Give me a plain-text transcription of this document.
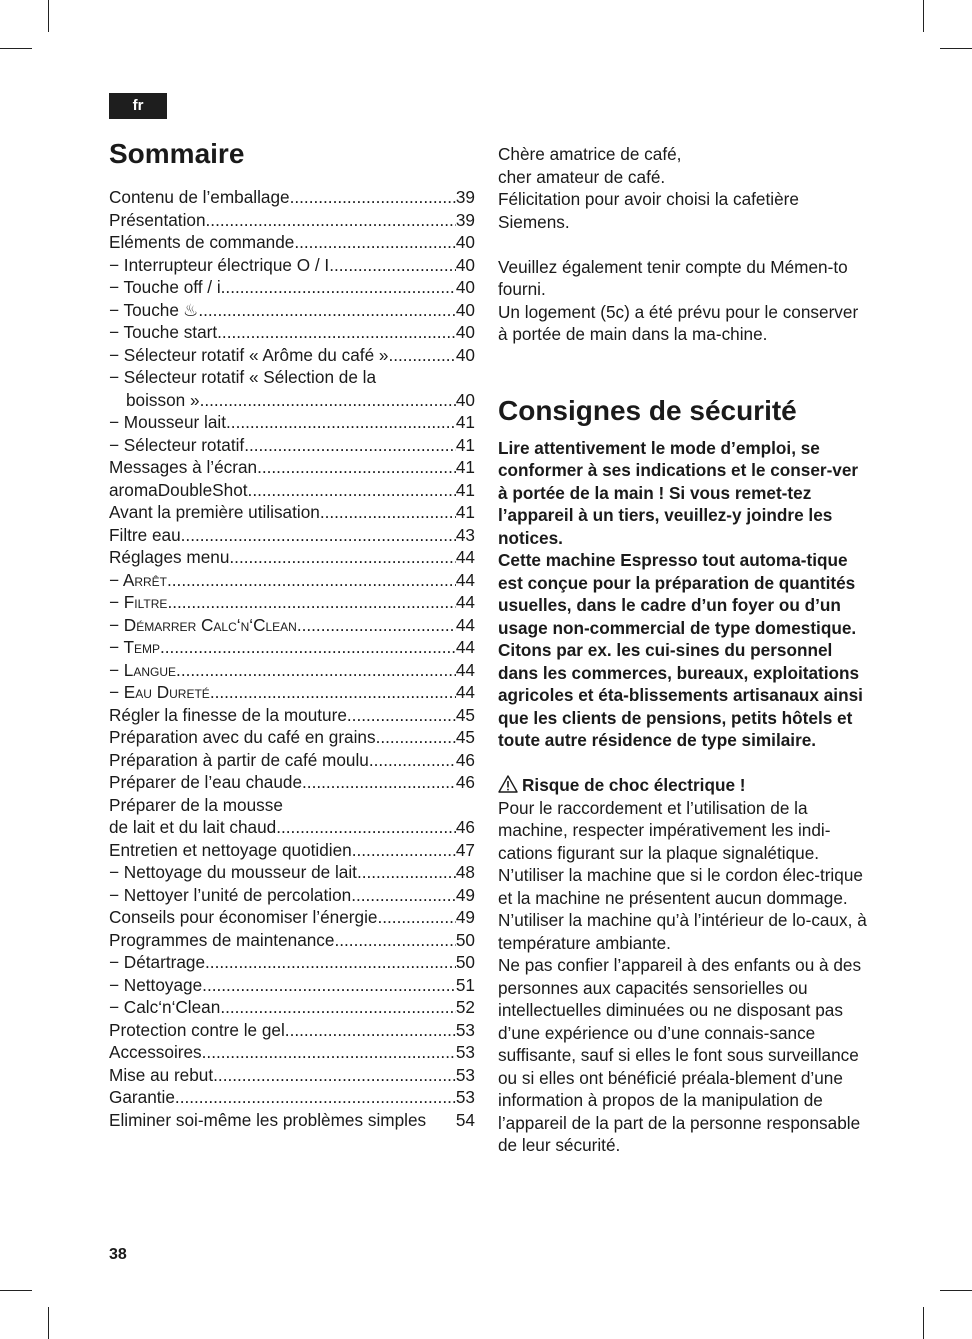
fr
Sommaire
Contenu de l’emballage .....	39
Présentation .....	39
Eléments de commande .....	40
− Interrupteur électrique O / I .....	40
− Touche off / i .....	40
− Touche ♨ .....	40
− Touche start .....	40
− Sélecteur rotatif « Arôme du café » .....	40
− Sélecteur rotatif « Sélection de la
boisson » .....	40
− Mousseur lait .....	41
− Sélecteur rotatif .....	41
Messages à l’écran .....	41
aromaDoubleShot .....	41
Avant la première utilisation .....	41
Filtre eau .....	43
Réglages menu .....	44
− Arrêt .....	44
− Filtre .....	44
− Démarrer Calc‘n‘Clean .....	44
− Temp. .....	44
− Langue .....	44
− Eau Dureté .....	44
Régler la finesse de la mouture .....	45
Préparation avec du café en grains .....	45
Préparation à partir de café moulu .....	46
Préparer de l’eau chaude .....	46
Préparer de la mousse
de lait et du lait chaud .....	46
Entretien et nettoyage quotidien .....	47
− Nettoyage du mousseur de lait .....	48
− Nettoyer l’unité de percolation .....	49
Conseils pour économiser l’énergie .....	49
Programmes de maintenance .....	50
− Détartrage .....	50
− Nettoyage .....	51
− Calc‘n‘Clean .....	52
Protection contre le gel .....	53
Accessoires .....	53
Mise au rebut .....	53
Garantie .....	53
Eliminer soi-même les problèmes simples 54

Chère amatrice de café,

cher amateur de café.

Félicitation pour avoir choisi la cafetière Siemens.

Veuillez également tenir compte du Mémen-to fourni.

Un logement (5c) a été prévu pour le conserver à portée de main dans la ma-chine.

Consignes de sécurité

Lire attentivement le mode d’emploi, se conformer à ses indications et le conser-ver à portée de la main ! Si vous remet-tez l’appareil à un tiers, veuillez-y joindre les notices.

Cette machine Espresso tout automa-tique est conçue pour la préparation de quantités usuelles, dans le cadre d’un foyer ou d’un usage non-commercial de type domestique. Citons par ex. les cui-sines du personnel dans les commerces, bureaux, exploitations agricoles et éta-blissements artisanaux ainsi que les clients de pensions, petits hôtels et toute autre résidence de type similaire.

Risque de choc électrique !

Pour le raccordement et l’utilisation de la machine, respecter impérativement les indi-cations figurant sur la plaque signalétique.

N’utiliser la machine que si le cordon élec-trique et la machine ne présentent aucun dommage.

N’utiliser la machine qu’à l’intérieur de lo-caux, à température ambiante.

Ne pas confier l’appareil à des enfants ou à des personnes aux capacités sensorielles ou intellectuelles diminuées ou ne disposant pas d’une expérience ou d’une connais-sance suffisante, sauf si elles le font sous surveillance ou si elles ont bénéficié préala-blement d’une information à propos de la manipulation de l’appareil de la part de la personne responsable de leur sécurité.

38
